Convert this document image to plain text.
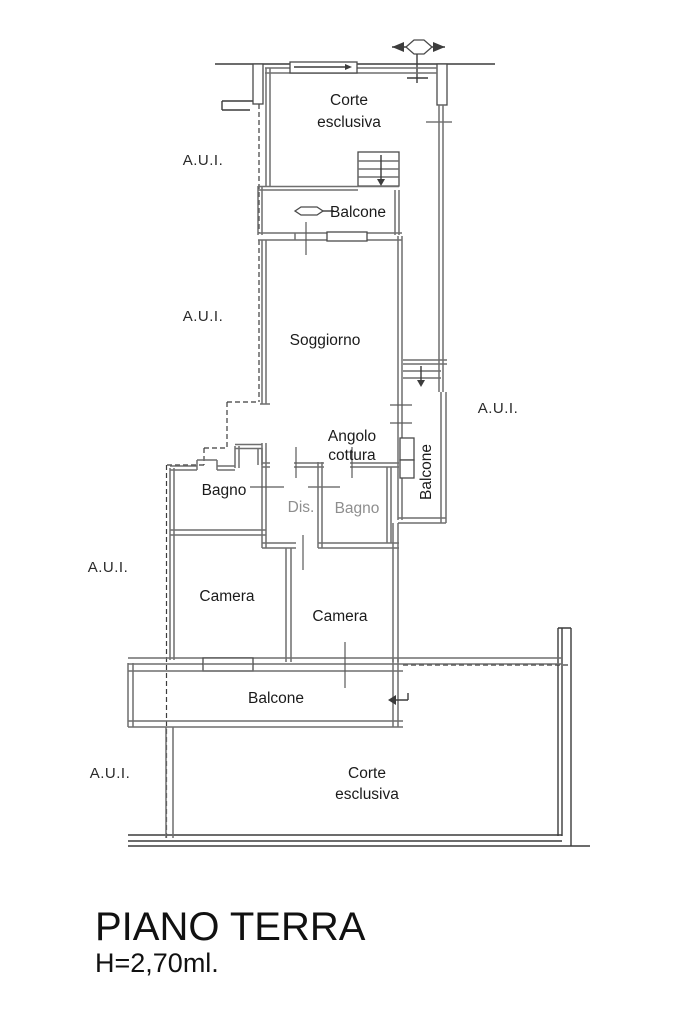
Corte
esclusiva
Balcone
Soggiorno
Angolo
cottura
Bagno
Dis. Bagno
Camera
Camera
Balcone
Balcone
Corte
esclusiva
A.U.I.
A.U.I.
A.U.I.
A.U.I.
A.U.I.
PIANO TERRA
H=2,70ml.
